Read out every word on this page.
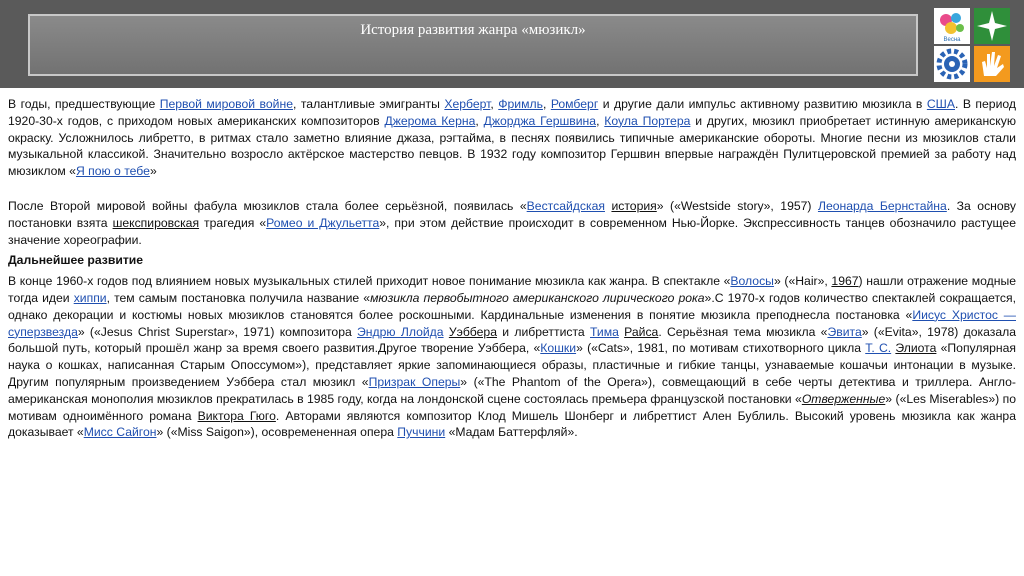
История развития жанра «мюзикл»
Весна

В годы, предшествующие Первой мировой войне, талантливые эмигранты Херберт, Фримль, Ромберг и другие дали импульс активному развитию мюзикла в США. В период 1920-30-х годов, с приходом новых американских композиторов Джерома Керна, Джорджа Гершвина, Коула Портера и других, мюзикл приобретает истинную американскую окраску. Усложнилось либретто, в ритмах стало заметно влияние джаза, рэгтайма, в песнях появились типичные американские обороты. Многие песни из мюзиклов стали музыкальной классикой. Значительно возросло актёрское мастерство певцов. В 1932 году композитор Гершвин впервые награждён Пулитцеровской премией за работу над мюзиклом «Я пою о тебе»

После Второй мировой войны фабула мюзиклов стала более серьёзной, появилась «Вестсайдская история» («Westside story», 1957) Леонарда Бернстайна. За основу постановки взята шекспировская трагедия «Ромео и Джульетта», при этом действие происходит в современном Нью-Йорке. Экспрессивность танцев обозначило растущее значение хореографии.

Дальнейшее развитие

В конце 1960-х годов под влиянием новых музыкальных стилей приходит новое понимание мюзикла как жанра. В спектакле «Волосы» («Hair», 1967) нашли отражение модные тогда идеи хиппи, тем самым постановка получила название «мюзикла первобытного американского лирического рока».С 1970-х годов количество спектаклей сокращается, однако декорации и костюмы новых мюзиклов становятся более роскошными. Кардинальные изменения в понятие мюзикла преподнесла постановка «Иисус Христос — суперзвезда» («Jesus Christ Superstar», 1971) композитора Эндрю Ллойда Уэббера и либреттиста Тима Райса. Серьёзная тема мюзикла «Эвита» («Evita», 1978) доказала большой путь, который прошёл жанр за время своего развития.Другое творение Уэббера, «Кошки» («Cats», 1981, по мотивам стихотворного цикла Т. С. Элиота «Популярная наука о кошках, написанная Старым Опоссумом»), представляет яркие запоминающиеся образы, пластичные и гибкие танцы, узнаваемые кошачьи интонации в музыке. Другим популярным произведением Уэббера стал мюзикл «Призрак Оперы» («The Phantom of the Opera»), совмещающий в себе черты детектива и триллера. Англо-американская монополия мюзиклов прекратилась в 1985 году, когда на лондонской сцене состоялась премьера французской постановки «Отверженные» («Les Miserables») по мотивам одноимённого романа Виктора Гюго. Авторами являются композитор Клод Мишель Шонберг и либреттист Ален Бублиль. Высокий уровень мюзикла как жанра доказывает «Мисс Сайгон» («Miss Saigon»), осовремененная опера Пуччини «Мадам Баттерфляй».
